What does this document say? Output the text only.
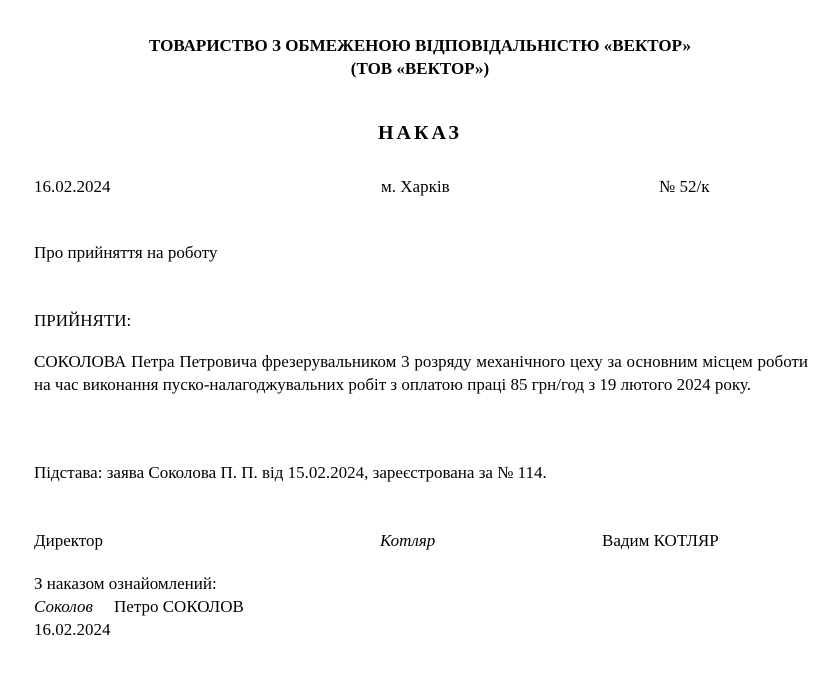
ТОВАРИСТВО З ОБМЕЖЕНОЮ ВІДПОВІДАЛЬНІСТЮ «ВЕКТОР»
(ТОВ «ВЕКТОР»)
НАКАЗ
16.02.2024	м. Харків	№ 52/к
Про прийняття на роботу
ПРИЙНЯТИ:
СОКОЛОВА Петра Петровича фрезерувальником 3 розряду механічного цеху за основним місцем роботи на час виконання пуско-налагоджувальних робіт з оплатою праці 85 грн/год з 19 лютого 2024 року.
Підстава: заява Соколова П. П. від 15.02.2024, зареєстрована за № 114.
Директор	Котляр	Вадим КОТЛЯР
З наказом ознайомлений:
Соколов Петро СОКОЛОВ
16.02.2024
